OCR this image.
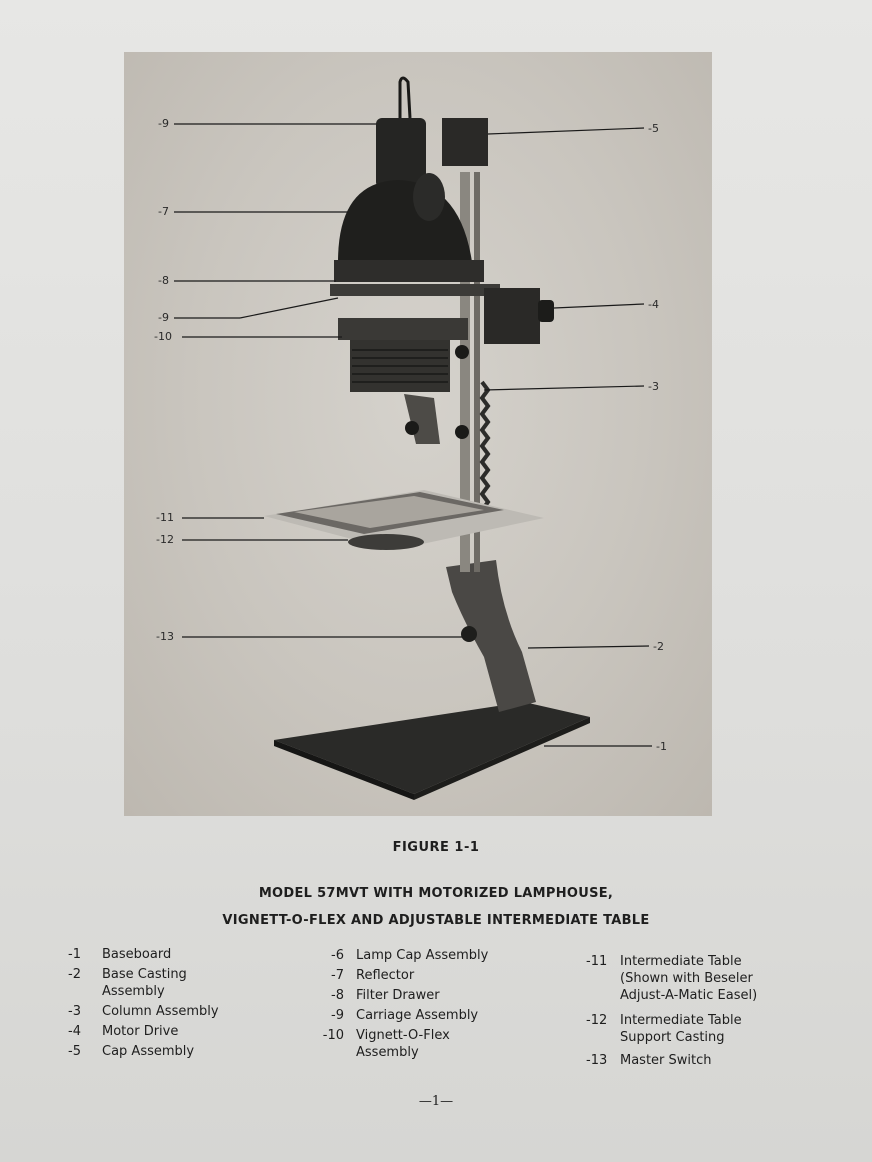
-9
-7
-8
-9
-10
-11
-12
-13
-5
-4
-3
-2
-1
FIGURE 1-1
MODEL 57MVT WITH MOTORIZED LAMPHOUSE,
VIGNETT-O-FLEX AND ADJUSTABLE INTERMEDIATE TABLE
-1	Baseboard
-2	Base Casting
Assembly
-3	Column Assembly
-4	Motor Drive
-5	Cap Assembly
-6 Lamp Cap Assembly
-7 Reflector
-8 Filter Drawer
-9 Carriage Assembly
-10 Vignett-O-Flex
Assembly
-11 Intermediate Table
(Shown with Beseler
Adjust-A-Matic Easel)
-12 Intermediate Table
Support Casting
-13 Master Switch
—1—
